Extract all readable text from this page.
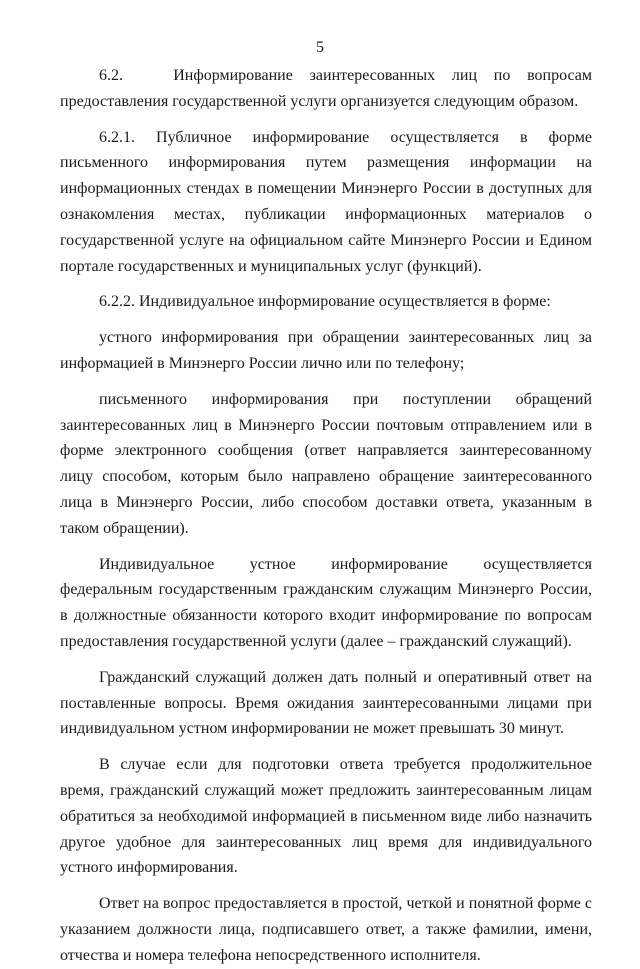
5

6.2.   Информирование заинтересованных лиц по вопросам предоставления государственной услуги организуется следующим образом.

6.2.1. Публичное информирование осуществляется в форме письменного информирования путем размещения информации на информационных стендах в помещении Минэнерго России в доступных для ознакомления местах, публикации информационных материалов о государственной услуге на официальном сайте Минэнерго России и Едином портале государственных и муниципальных услуг (функций).

6.2.2. Индивидуальное информирование осуществляется в форме:

устного информирования при обращении заинтересованных лиц за информацией в Минэнерго России лично или по телефону;

письменного информирования при поступлении обращений заинтересованных лиц в Минэнерго России почтовым отправлением или в форме электронного сообщения (ответ направляется заинтересованному лицу способом, которым было направлено обращение заинтересованного лица в Минэнерго России, либо способом доставки ответа, указанным в таком обращении).

Индивидуальное устное информирование осуществляется федеральным государственным гражданским служащим Минэнерго России, в должностные обязанности которого входит информирование по вопросам предоставления государственной услуги (далее – гражданский служащий).

Гражданский служащий должен дать полный и оперативный ответ на поставленные вопросы. Время ожидания заинтересованными лицами при индивидуальном устном информировании не может превышать 30 минут.

В случае если для подготовки ответа требуется продолжительное время, гражданский служащий может предложить заинтересованным лицам обратиться за необходимой информацией в письменном виде либо назначить другое удобное для заинтересованных лиц время для индивидуального устного информирования.

Ответ на вопрос предоставляется в простой, четкой и понятной форме с указанием должности лица, подписавшего ответ, а также фамилии, имени, отчества и номера телефона непосредственного исполнителя.
